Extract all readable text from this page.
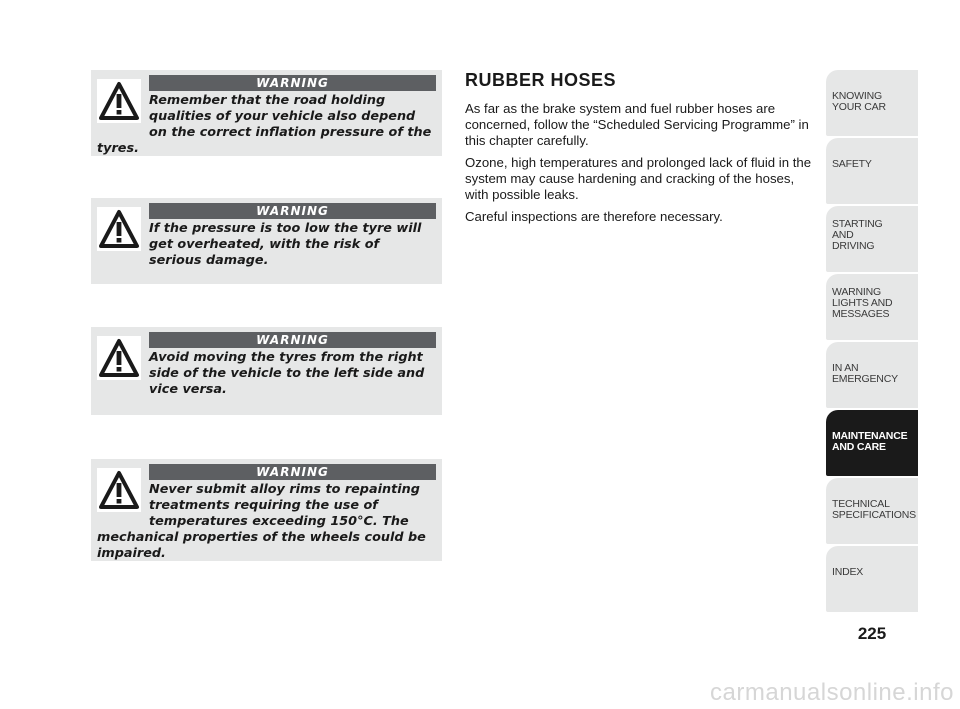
WARNING

Remember that the road holding qualities of your vehicle also depend on the correct inflation pressure of the tyres.

WARNING

If the pressure is too low the tyre will get overheated, with the risk of serious damage.

WARNING

Avoid moving the tyres from the right side of the vehicle to the left side and vice versa.

WARNING

Never submit alloy rims to repainting treatments requiring the use of temperatures exceeding 150°C. The mechanical properties of the wheels could be impaired.

RUBBER HOSES

As far as the brake system and fuel rubber hoses are concerned, follow the “Scheduled Servicing Programme” in this chapter carefully.

Ozone, high temperatures and prolonged lack of fluid in the system may cause hardening and cracking of the hoses, with possible leaks.

Careful inspections are therefore necessary.

KNOWING
YOUR CAR
SAFETY
STARTING
AND
DRIVING
WARNING
LIGHTS AND
MESSAGES
IN AN
EMERGENCY
MAINTENANCE
AND CARE
TECHNICAL
SPECIFICATIONS
INDEX
225
carmanualsonline.info
